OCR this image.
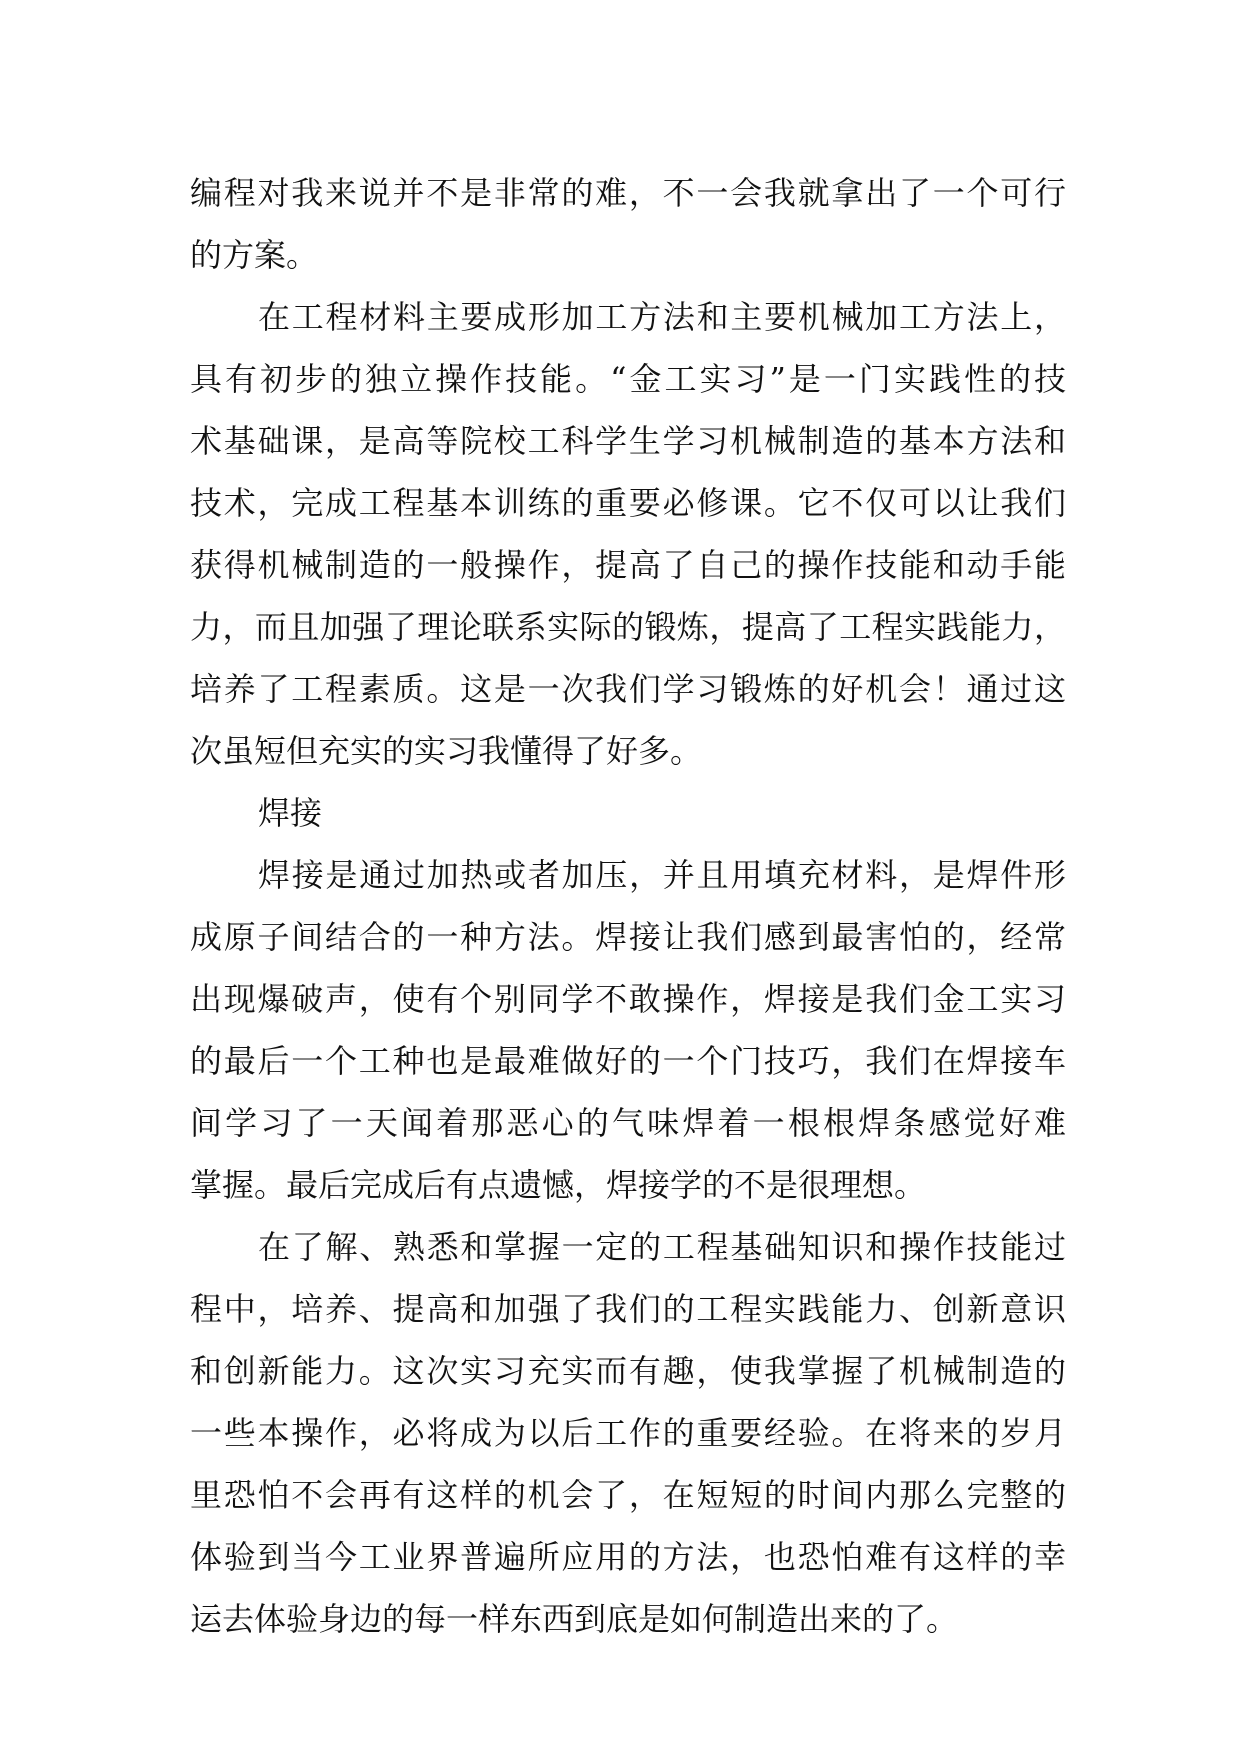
编程对我来说并不是非常的难，不一会我就拿出了一个可行
的方案。
在工程材料主要成形加工方法和主要机械加工方法上，
具有初步的独立操作技能。“金工实习”是一门实践性的技
术基础课，是高等院校工科学生学习机械制造的基本方法和
技术，完成工程基本训练的重要必修课。它不仅可以让我们
获得机械制造的一般操作，提高了自己的操作技能和动手能
力，而且加强了理论联系实际的锻炼，提高了工程实践能力，
培养了工程素质。这是一次我们学习锻炼的好机会！通过这
次虽短但充实的实习我懂得了好多。
焊接
焊接是通过加热或者加压，并且用填充材料，是焊件形
成原子间结合的一种方法。焊接让我们感到最害怕的，经常
出现爆破声，使有个别同学不敢操作，焊接是我们金工实习
的最后一个工种也是最难做好的一个门技巧，我们在焊接车
间学习了一天闻着那恶心的气味焊着一根根焊条感觉好难
掌握。最后完成后有点遗憾，焊接学的不是很理想。
在了解、熟悉和掌握一定的工程基础知识和操作技能过
程中，培养、提高和加强了我们的工程实践能力、创新意识
和创新能力。这次实习充实而有趣，使我掌握了机械制造的
一些本操作，必将成为以后工作的重要经验。在将来的岁月
里恐怕不会再有这样的机会了，在短短的时间内那么完整的
体验到当今工业界普遍所应用的方法，也恐怕难有这样的幸
运去体验身边的每一样东西到底是如何制造出来的了。
